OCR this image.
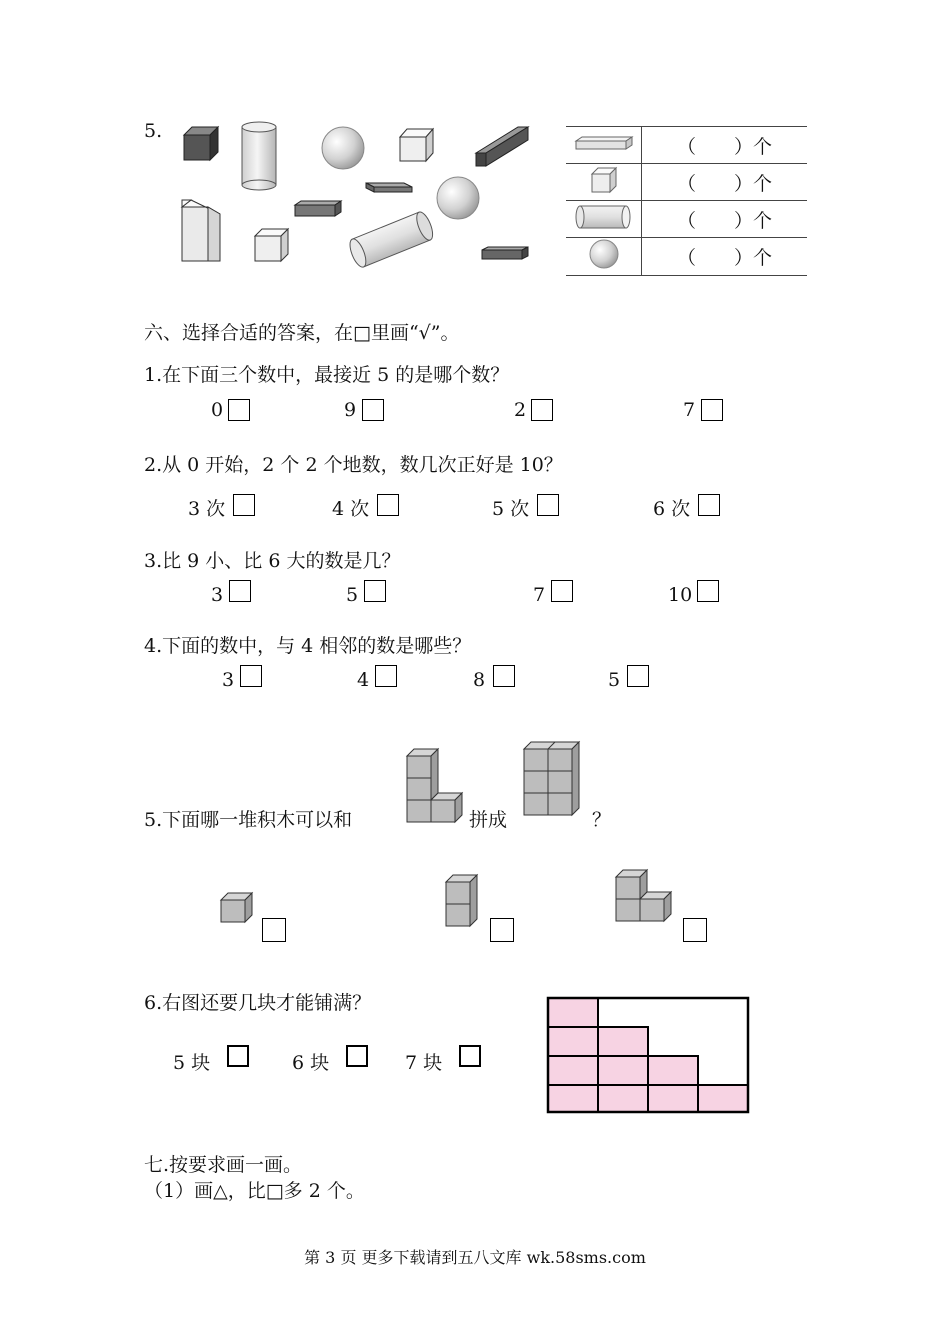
5.
	（　　）个
	（　　）个
	（　　）个
	（　　）个
六、选择合适的答案，在□里画“√”。
1.在下面三个数中，最接近 5 的是哪个数？
0	9	2	7
2.从 0 开始，2 个 2 个地数，数几次正好是 10？
3 次	4 次	5 次	6 次
3.比 9 小、比 6 大的数是几？
3	5	7	10
4.下面的数中，与 4 相邻的数是哪些？
3	4	8	5
5.下面哪一堆积木可以和	拼成	？
6.右图还要几块才能铺满？
5 块	6 块	7 块
七.按要求画一画。
（1）画△，比□多 2 个。
第 3 页 更多下载请到五八文库 wk.58sms.com
